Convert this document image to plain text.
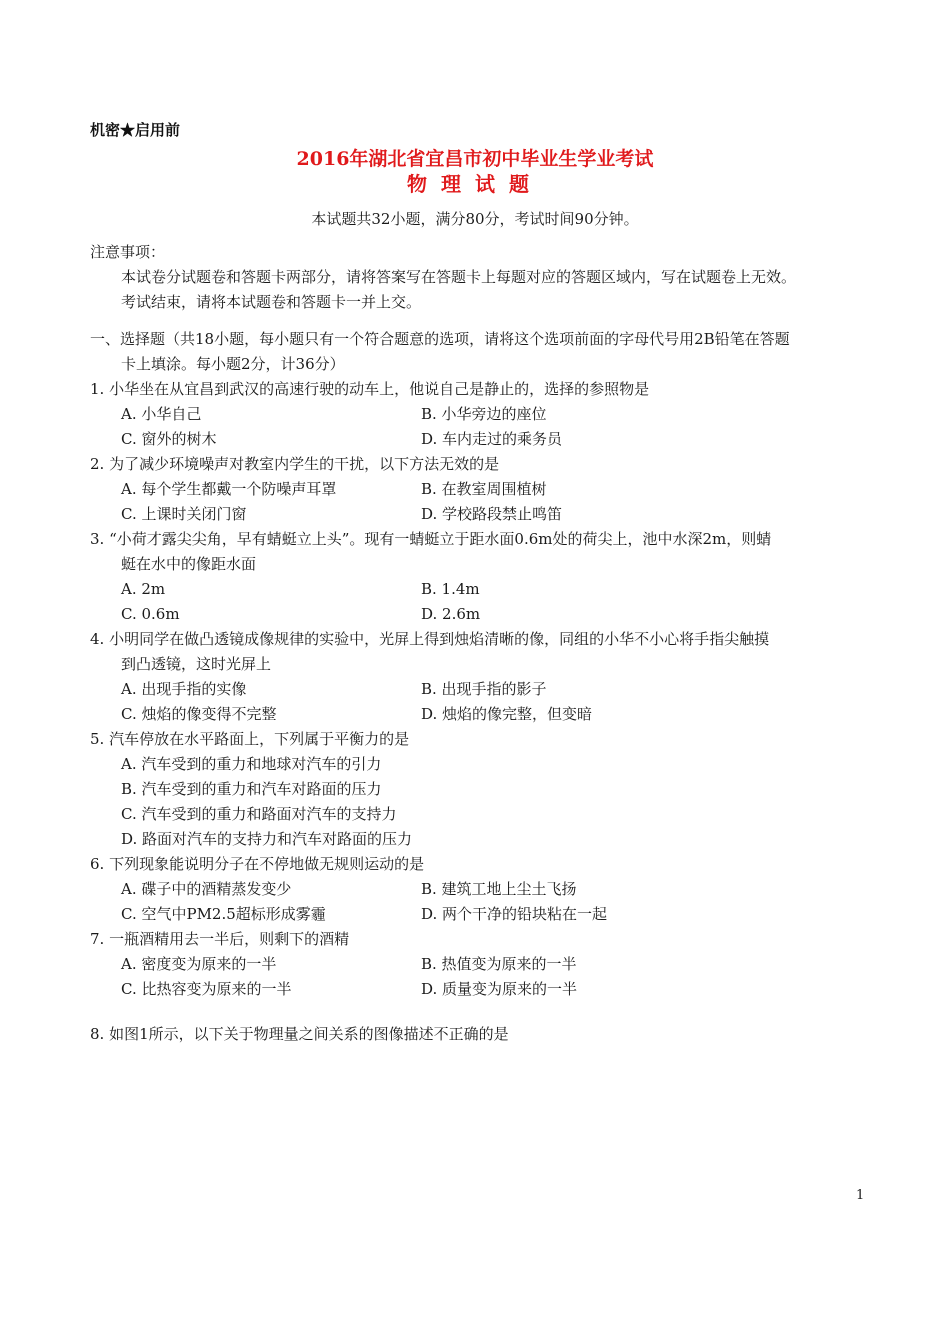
机密★启用前
2016年湖北省宜昌市初中毕业生学业考试
物理试题
本试题共32小题，满分80分，考试时间90分钟。
注意事项：
本试卷分试题卷和答题卡两部分，请将答案写在答题卡上每题对应的答题区域内，写在试题卷上无效。
考试结束，请将本试题卷和答题卡一并上交。
一、选择题（共18小题，每小题只有一个符合题意的选项，请将这个选项前面的字母代号用2B铅笔在答题
卡上填涂。每小题2分，计36分）
1. 小华坐在从宜昌到武汉的高速行驶的动车上，他说自己是静止的，选择的参照物是
A. 小华自己	B. 小华旁边的座位
C. 窗外的树木	D. 车内走过的乘务员
2. 为了减少环境噪声对教室内学生的干扰，以下方法无效的是
A. 每个学生都戴一个防噪声耳罩	B. 在教室周围植树
C. 上课时关闭门窗	D. 学校路段禁止鸣笛
3. “小荷才露尖尖角，早有蜻蜓立上头”。现有一蜻蜓立于距水面0.6m处的荷尖上，池中水深2m，则蜻
蜓在水中的像距水面
A. 2m	B. 1.4m
C. 0.6m	D. 2.6m
4. 小明同学在做凸透镜成像规律的实验中，光屏上得到烛焰清晰的像，同组的小华不小心将手指尖触摸
到凸透镜，这时光屏上
A. 出现手指的实像	B. 出现手指的影子
C. 烛焰的像变得不完整	D. 烛焰的像完整，但变暗
5. 汽车停放在水平路面上，下列属于平衡力的是
A. 汽车受到的重力和地球对汽车的引力
B. 汽车受到的重力和汽车对路面的压力
C. 汽车受到的重力和路面对汽车的支持力
D. 路面对汽车的支持力和汽车对路面的压力
6. 下列现象能说明分子在不停地做无规则运动的是
A. 碟子中的酒精蒸发变少	B. 建筑工地上尘土飞扬
C. 空气中PM2.5超标形成雾霾	D. 两个干净的铅块粘在一起
7. 一瓶酒精用去一半后，则剩下的酒精
A. 密度变为原来的一半	B. 热值变为原来的一半
C. 比热容变为原来的一半	D. 质量变为原来的一半
8. 如图1所示，以下关于物理量之间关系的图像描述不正确的是
1
